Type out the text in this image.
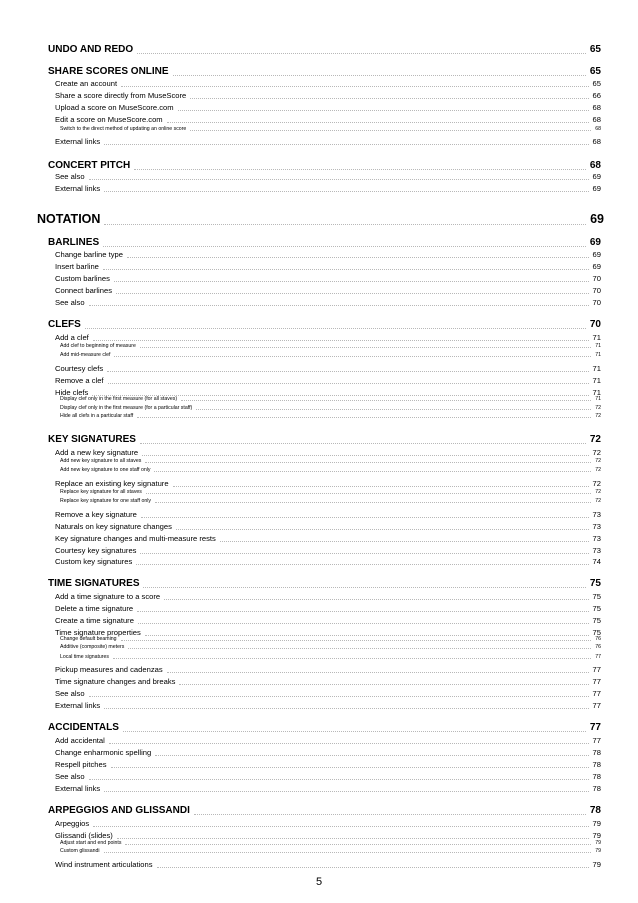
UNDO AND REDO	65
SHARE SCORES ONLINE	65
Create an account	65
Share a score directly from MuseScore	66
Upload a score on MuseScore.com	68
Edit a score on MuseScore.com	68
Switch to the direct method of updating an online score	68
External links	68
CONCERT PITCH	68
See also	69
External links	69
NOTATION	69
BARLINES	69
Change barline type	69
Insert barline	69
Custom barlines	70
Connect barlines	70
See also	70
CLEFS	70
Add a clef	71
Add clef to beginning of measure	71
Add mid-measure clef	71
Courtesy clefs	71
Remove a clef	71
Hide clefs	71
Display clef only in the first measure (for all staves)	71
Display clef only in the first measure (for a particular staff)	72
Hide all clefs in a particular staff	72
KEY SIGNATURES	72
Add a new key signature	72
Add new key signature to all staves	72
Add new key signature to one staff only	72
Replace an existing key signature	72
Replace key signature for all staves	72
Replace key signature for one staff only	72
Remove a key signature	73
Naturals on key signature changes	73
Key signature changes and multi-measure rests	73
Courtesy key signatures	73
Custom key signatures	74
TIME SIGNATURES	75
Add a time signature to a score	75
Delete a time signature	75
Create a time signature	75
Time signature properties	75
Change default beaming	76
Additive (composite) meters	76
Local time signatures	77
Pickup measures and cadenzas	77
Time signature changes and breaks	77
See also	77
External links	77
ACCIDENTALS	77
Add accidental	77
Change enharmonic spelling	78
Respell pitches	78
See also	78
External links	78
ARPEGGIOS AND GLISSANDI	78
Arpeggios	79
Glissandi (slides)	79
Adjust start and end points	79
Custom glissandi	79
Wind instrument articulations	79
5
